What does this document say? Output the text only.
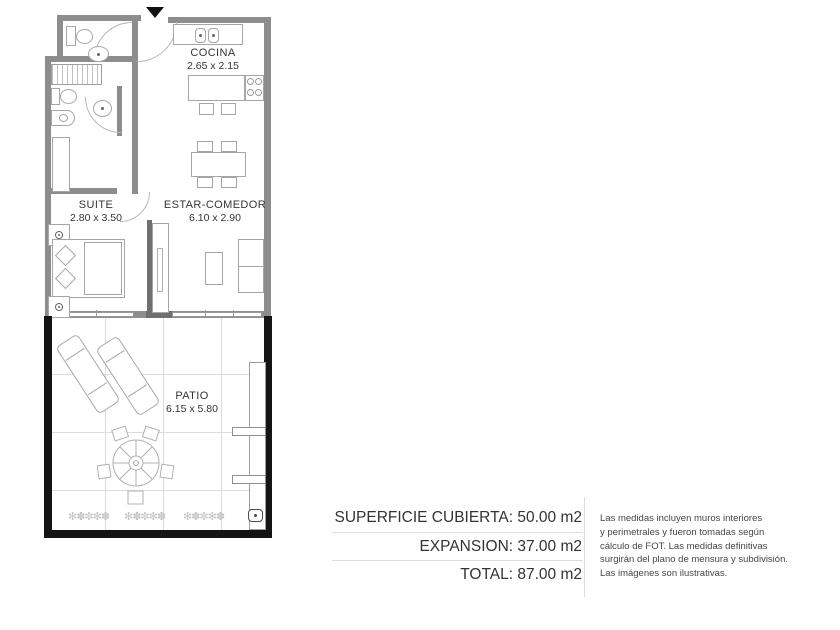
COCINA
2.65 x 2.15
SUITE
2.80 x 3.50
ESTAR-COMEDOR
6.10 x 2.90
PATIO
6.15 x 5.80
✻✽✼✻✽ ✻✽✼✻✽ ✻✽✼✻✽	SUPERFICIE CUBIERTA: 50.00 m2
EXPANSION: 37.00 m2
TOTAL: 87.00 m2
Las medidas incluyen muros interiores
y perimetrales y fueron tomadas según
cálculo de FOT. Las medidas definitivas
surgirán del plano de mensura y subdivisión.
Las imágenes son ilustrativas.
